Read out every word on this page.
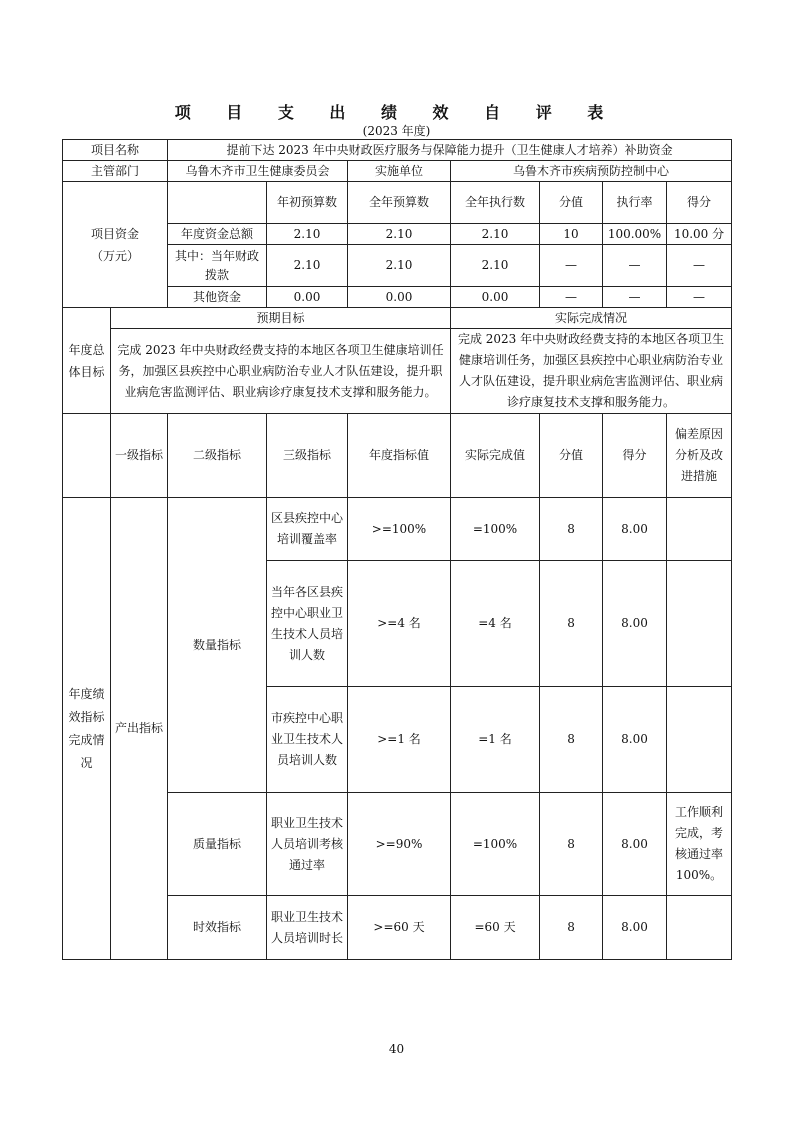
项 目 支 出 绩 效 自 评 表
(2023 年度)
项目名称		提前下达 2023 年中央财政医疗服务与保障能力提升（卫生健康人才培养）补助资金						
主管部门		乌鲁木齐市卫生健康委员会		实施单位	乌鲁木齐市疾病预防控制中心			
项目资金
（万元）			年初预算数	全年预算数	全年执行数	分值	执行率	得分
		年度资金总额	2.10	2.10	2.10	10	100.00%	10.00 分
		其中：当年财政拨款	2.10	2.10	2.10	—	—	—
		其他资金	0.00	0.00	0.00	—	—	—
年度总体目标	预期目标				实际完成情况			
	完成 2023 年中央财政经费支持的本地区各项卫生健康培训任务，加强区县疾控中心职业病防治专业人才队伍建设，提升职业病危害监测评估、职业病诊疗康复技术支撑和服务能力。				完成 2023 年中央财政经费支持的本地区各项卫生健康培训任务，加强区县疾控中心职业病防治专业人才队伍建设，提升职业病危害监测评估、职业病诊疗康复技术支撑和服务能力。			
	一级指标	二级指标	三级指标	年度指标值	实际完成值	分值	得分	偏差原因分析及改进措施
年度绩效指标完成情况	产出指标	数量指标	区县疾控中心培训覆盖率	>=100%	=100%	8	8.00	
			当年各区县疾控中心职业卫生技术人员培训人数	>=4 名	=4 名	8	8.00	
			市疾控中心职业卫生技术人员培训人数	>=1 名	=1 名	8	8.00	
		质量指标	职业卫生技术人员培训考核通过率	>=90%	=100%	8	8.00	工作顺利完成，考核通过率 100%。
		时效指标	职业卫生技术人员培训时长	>=60 天	=60 天	8	8.00	
40
